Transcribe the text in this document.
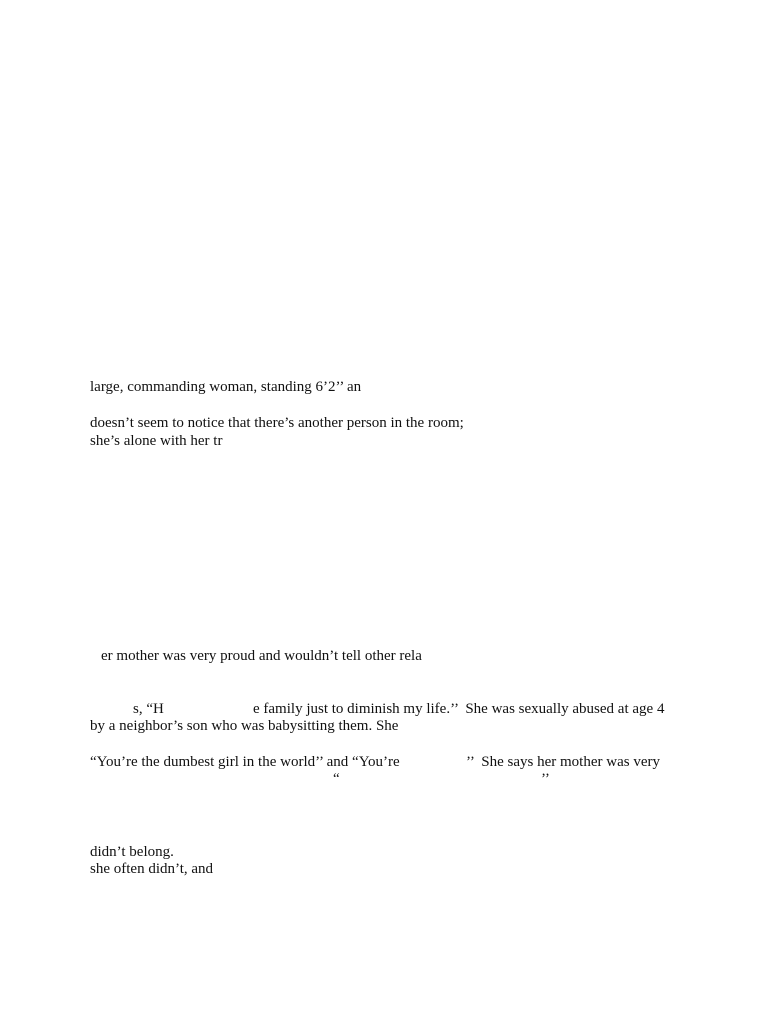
large, commanding woman, standing 6’2’’ an
doesn’t seem to notice that there’s another person in the room;
she’s alone with her tr
er mother was very proud and wouldn’t tell other rela
s, “H	e family just to diminish my life.’’  She was sexually abused at age 4
by a neighbor’s son who was babysitting them. She
“You’re the dumbest girl in the world’’ and “You’re	’’  She says her mother was very
“	’’
didn’t belong.
she often didn’t, and
